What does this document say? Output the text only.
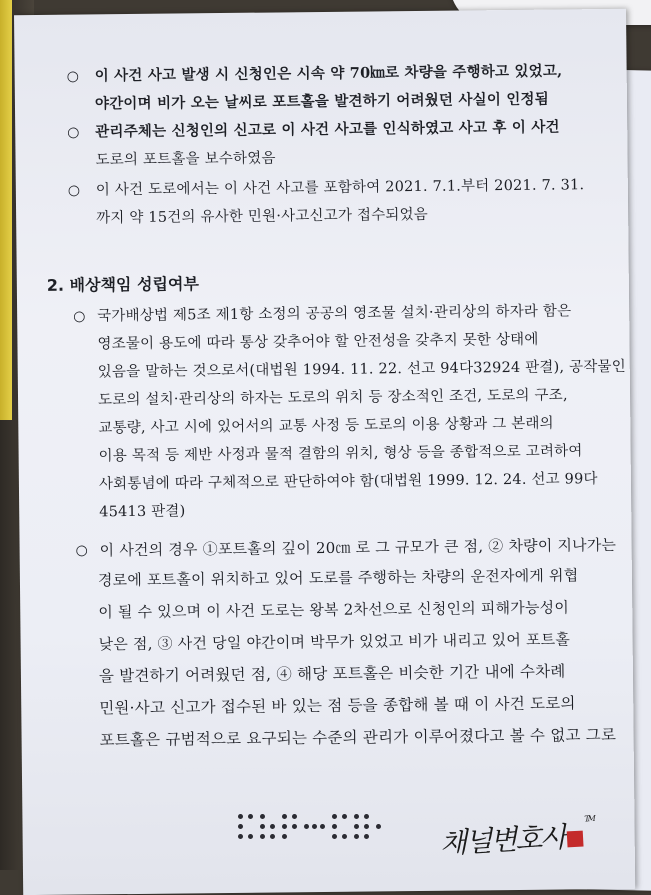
○ 이 사건 사고 발생 시 신청인은 시속 약 70㎞로 차량을 주행하고 있었고,
야간이며 비가 오는 날씨로 포트홀을 발견하기 어려웠던 사실이 인정됨
○ 관리주체는 신청인의 신고로 이 사건 사고를 인식하였고 사고 후 이 사건
도로의 포트홀을 보수하였음
○ 이 사건 도로에서는 이 사건 사고를 포함하여 2021. 7.1.부터 2021. 7. 31.
까지 약 15건의 유사한 민원·사고신고가 접수되었음
2. 배상책임 성립여부
○ 국가배상법 제5조 제1항 소정의 공공의 영조물 설치·관리상의 하자라 함은
영조물이 용도에 따라 통상 갖추어야 할 안전성을 갖추지 못한 상태에
있음을 말하는 것으로서(대법원 1994. 11. 22. 선고 94다32924 판결), 공작물인
도로의 설치·관리상의 하자는 도로의 위치 등 장소적인 조건, 도로의 구조,
교통량, 사고 시에 있어서의 교통 사정 등 도로의 이용 상황과 그 본래의
이용 목적 등 제반 사정과 물적 결함의 위치, 형상 등을 종합적으로 고려하여
사회통념에 따라 구체적으로 판단하여야 함(대법원 1999. 12. 24. 선고 99다
45413 판결)
○ 이 사건의 경우 ①포트홀의 깊이 20㎝ 로 그 규모가 큰 점, ② 차량이 지나가는
경로에 포트홀이 위치하고 있어 도로를 주행하는 차량의 운전자에게 위협
이 될 수 있으며 이 사건 도로는 왕복 2차선으로 신청인의 피해가능성이
낮은 점, ③ 사건 당일 야간이며 박무가 있었고 비가 내리고 있어 포트홀
을 발견하기 어려웠던 점, ④ 해당 포트홀은 비슷한 기간 내에 수차례
민원·사고 신고가 접수된 바 있는 점 등을 종합해 볼 때 이 사건 도로의
포트홀은 규범적으로 요구되는 수준의 관리가 이루어졌다고 볼 수 없고 그로
채널변호사™
